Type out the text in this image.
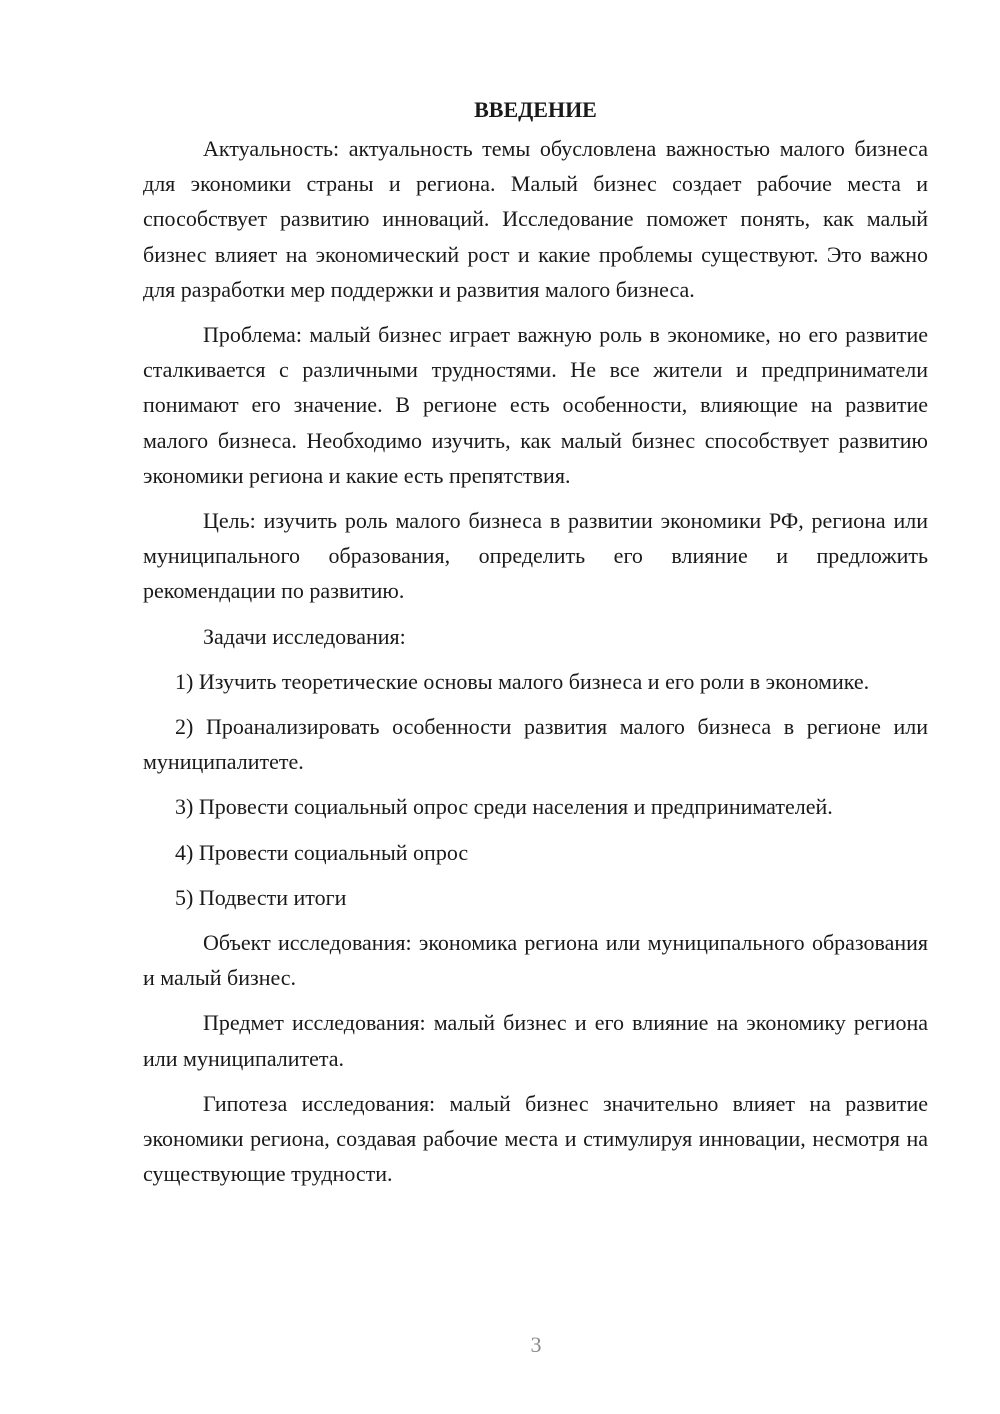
ВВЕДЕНИЕ

Актуальность: актуальность темы обусловлена важностью малого бизнеса для экономики страны и региона. Малый бизнес создает рабочие места и способствует развитию инноваций. Исследование поможет понять, как малый бизнес влияет на экономический рост и какие проблемы существуют. Это важно для разработки мер поддержки и развития малого бизнеса.

Проблема: малый бизнес играет важную роль в экономике, но его развитие сталкивается с различными трудностями. Не все жители и предприниматели понимают его значение. В регионе есть особенности, влияющие на развитие малого бизнеса. Необходимо изучить, как малый бизнес способствует развитию экономики региона и какие есть препятствия.

Цель: изучить роль малого бизнеса в развитии экономики РФ, региона или муниципального образования, определить его влияние и предложить рекомендации по развитию.

Задачи исследования:

1) Изучить теоретические основы малого бизнеса и его роли в экономике.

2) Проанализировать особенности развития малого бизнеса в регионе или муниципалитете.

3) Провести социальный опрос среди населения и предпринимателей.

4) Провести социальный опрос

5) Подвести итоги

Объект исследования: экономика региона или муниципального образования и малый бизнес.

Предмет исследования: малый бизнес и его влияние на экономику региона или муниципалитета.

Гипотеза исследования: малый бизнес значительно влияет на развитие экономики региона, создавая рабочие места и стимулируя инновации, несмотря на существующие трудности.

3
